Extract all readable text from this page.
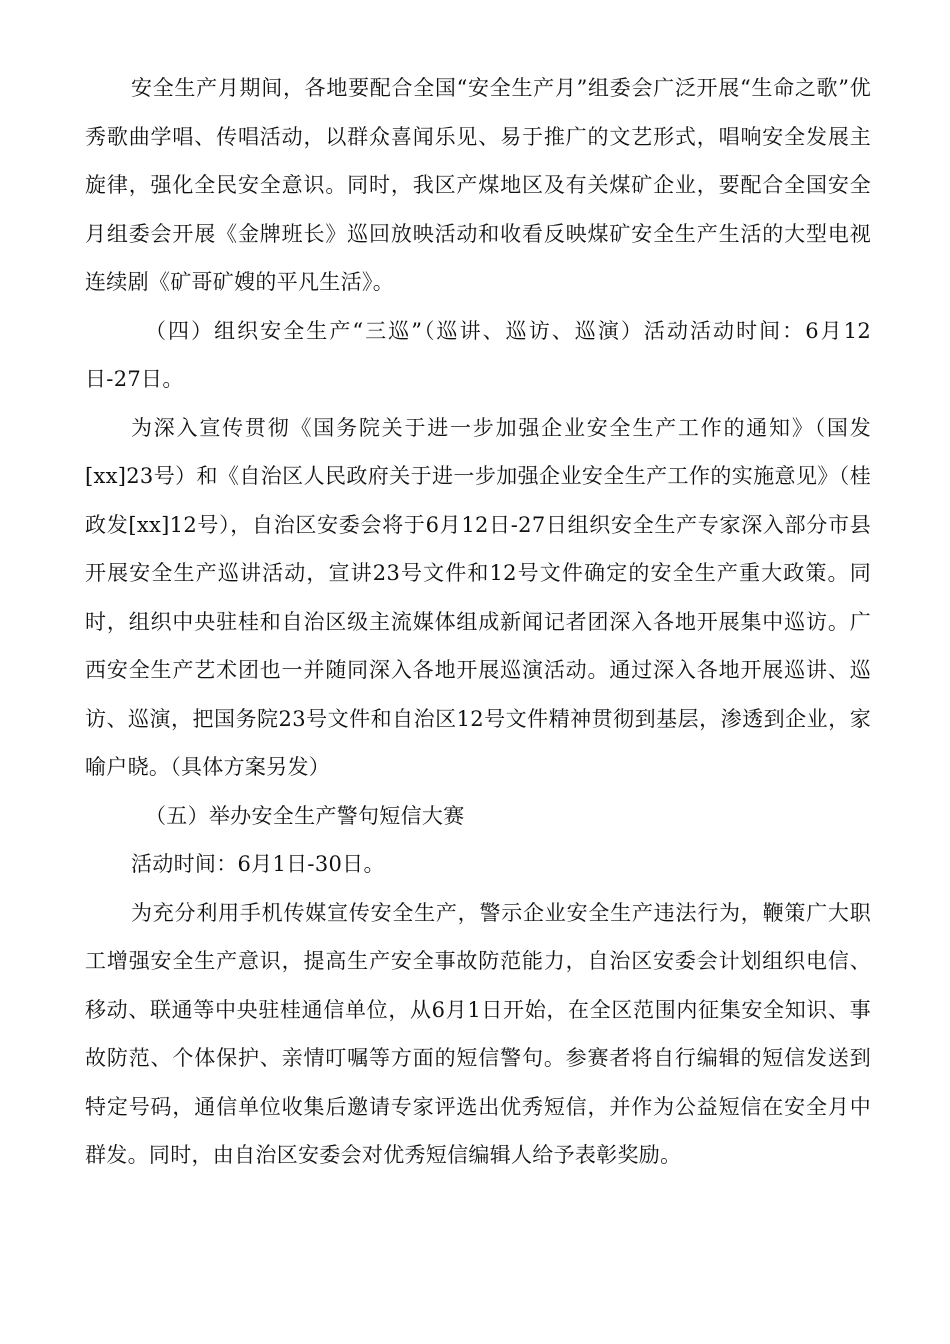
安全生产月期间，各地要配合全国“安全生产月”组委会广泛开展“生命之歌”优秀歌曲学唱、传唱活动，以群众喜闻乐见、易于推广的文艺形式，唱响安全发展主旋律，强化全民安全意识。同时，我区产煤地区及有关煤矿企业，要配合全国安全月组委会开展《金牌班长》巡回放映活动和收看反映煤矿安全生产生活的大型电视连续剧《矿哥矿嫂的平凡生活》。

（四）组织安全生产“三巡”（巡讲、巡访、巡演）活动活动时间：6月12日-27日。

为深入宣传贯彻《国务院关于进一步加强企业安全生产工作的通知》（国发[xx]23号）和《自治区人民政府关于进一步加强企业安全生产工作的实施意见》（桂政发[xx]12号），自治区安委会将于6月12日-27日组织安全生产专家深入部分市县开展安全生产巡讲活动，宣讲23号文件和12号文件确定的安全生产重大政策。同时，组织中央驻桂和自治区级主流媒体组成新闻记者团深入各地开展集中巡访。广西安全生产艺术团也一并随同深入各地开展巡演活动。通过深入各地开展巡讲、巡访、巡演，把国务院23号文件和自治区12号文件精神贯彻到基层，渗透到企业，家喻户晓。（具体方案另发）

（五）举办安全生产警句短信大赛

活动时间：6月1日-30日。

为充分利用手机传媒宣传安全生产，警示企业安全生产违法行为，鞭策广大职工增强安全生产意识，提高生产安全事故防范能力，自治区安委会计划组织电信、移动、联通等中央驻桂通信单位，从6月1日开始，在全区范围内征集安全知识、事故防范、个体保护、亲情叮嘱等方面的短信警句。参赛者将自行编辑的短信发送到特定号码，通信单位收集后邀请专家评选出优秀短信，并作为公益短信在安全月中群发。同时，由自治区安委会对优秀短信编辑人给予表彰奖励。
